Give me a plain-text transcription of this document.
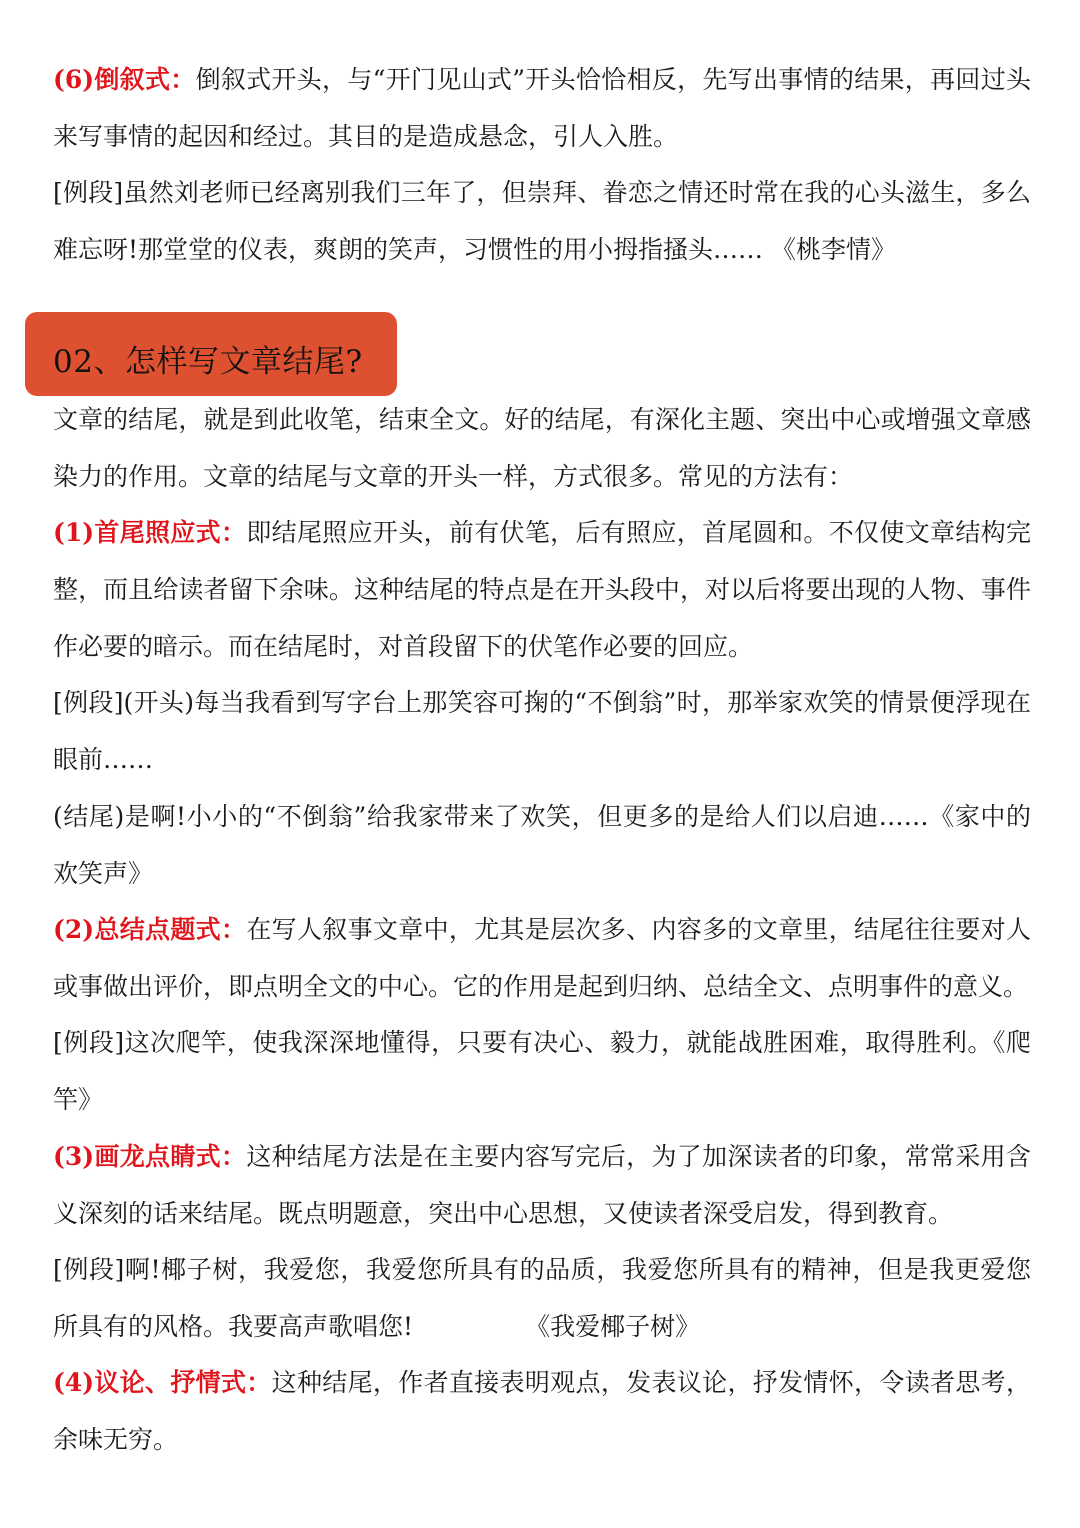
(6)倒叙式：倒叙式开头，与“开门见山式”开头恰恰相反，先写出事情的结果，再回过头来写事情的起因和经过。其目的是造成悬念，引人入胜。

[例段]虽然刘老师已经离别我们三年了，但崇拜、眷恋之情还时常在我的心头滋生，多么难忘呀!那堂堂的仪表，爽朗的笑声，习惯性的用小拇指搔头…… 《桃李情》

02、怎样写文章结尾?

文章的结尾，就是到此收笔，结束全文。好的结尾，有深化主题、突出中心或增强文章感染力的作用。文章的结尾与文章的开头一样，方式很多。常见的方法有：

(1)首尾照应式：即结尾照应开头，前有伏笔，后有照应，首尾圆和。不仅使文章结构完整，而且给读者留下余味。这种结尾的特点是在开头段中，对以后将要出现的人物、事件作必要的暗示。而在结尾时，对首段留下的伏笔作必要的回应。

[例段](开头)每当我看到写字台上那笑容可掬的“不倒翁”时，那举家欢笑的情景便浮现在眼前……

(结尾)是啊!小小的“不倒翁”给我家带来了欢笑，但更多的是给人们以启迪……《家中的欢笑声》

(2)总结点题式：在写人叙事文章中，尤其是层次多、内容多的文章里，结尾往往要对人或事做出评价，即点明全文的中心。它的作用是起到归纳、总结全文、点明事件的意义。

[例段]这次爬竿，使我深深地懂得，只要有决心、毅力，就能战胜困难，取得胜利。《爬竿》

(3)画龙点睛式：这种结尾方法是在主要内容写完后，为了加深读者的印象，常常采用含义深刻的话来结尾。既点明题意，突出中心思想，又使读者深受启发，得到教育。

[例段]啊!椰子树，我爱您，我爱您所具有的品质，我爱您所具有的精神，但是我更爱您所具有的风格。我要高声歌唱您!	《我爱椰子树》

(4)议论、抒情式：这种结尾，作者直接表明观点，发表议论，抒发情怀，令读者思考，余味无穷。
